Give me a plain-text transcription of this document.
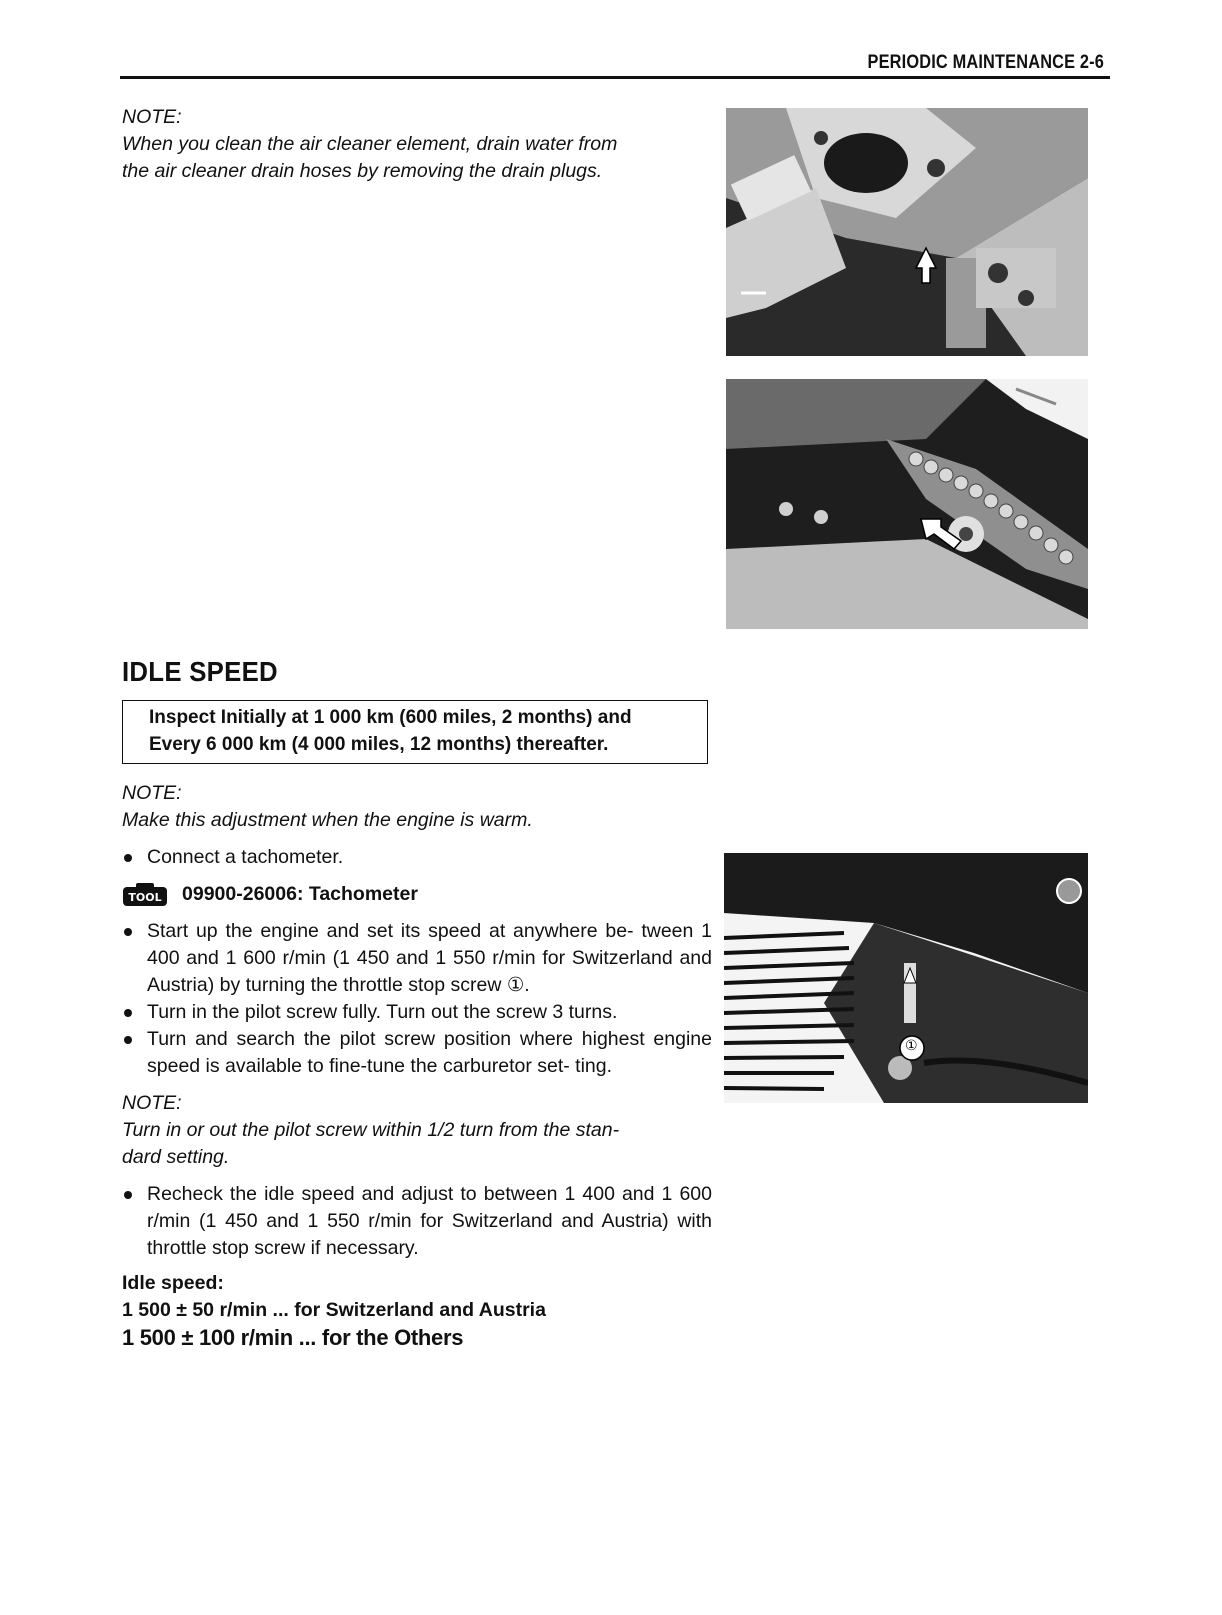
PERIODIC MAINTENANCE 2-6
NOTE:
When you clean the air cleaner element, drain water from
the air cleaner drain hoses by removing the drain plugs.
IDLE SPEED
Inspect Initially at 1 000 km (600 miles, 2 months) and
Every 6 000 km (4 000 miles, 12 months) thereafter.
NOTE:
Make this adjustment when the engine is warm.
Connect a tachometer.
TOOL 09900-26006: Tachometer
Start up the engine and set its speed at anywhere be- tween 1 400 and 1 600 r/min (1 450 and 1 550 r/min for Switzerland and Austria) by turning the throttle stop screw ①.
Turn in the pilot screw fully. Turn out the screw 3 turns.
Turn and search the pilot screw position where highest engine speed is available to fine-tune the carburetor set- ting.
NOTE:
Turn in or out the pilot screw within 1/2 turn from the stan-
dard setting.
Recheck the idle speed and adjust to between 1 400 and 1 600 r/min (1 450 and 1 550 r/min for Switzerland and Austria) with throttle stop screw if necessary.
Idle speed:
1 500 ± 50 r/min ... for Switzerland and Austria
1 500 ± 100 r/min ... for the Others
①
